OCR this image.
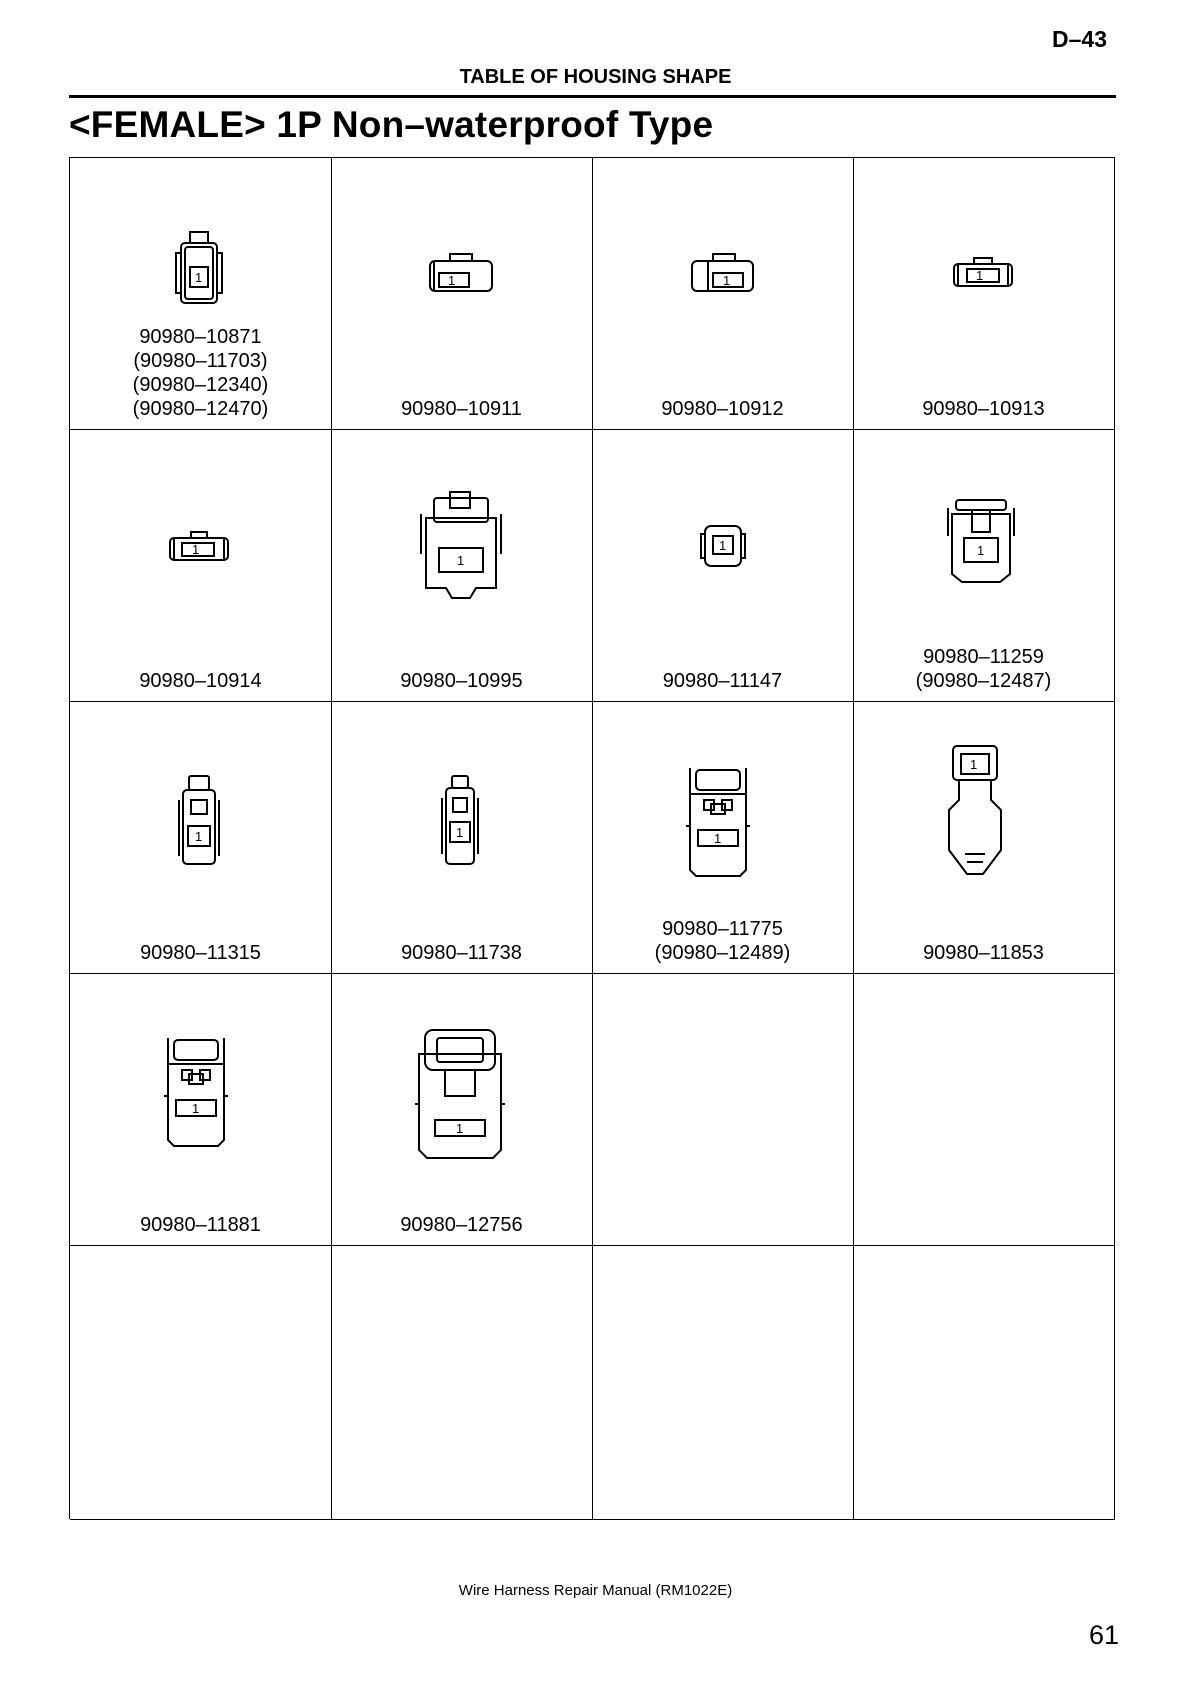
D–43
TABLE OF HOUSING SHAPE
<FEMALE> 1P Non–waterproof Type
1
90980–10871
(90980–11703)
(90980–12340)
(90980–12470)
1
90980–10911
1
90980–10912
1
90980–10913
1
90980–10914
1
90980–10995
1
90980–11147
1
90980–11259
(90980–12487)
1
90980–11315
1
90980–11738
1
90980–11775
(90980–12489)
1
90980–11853
1
90980–11881
1
90980–12756
Wire Harness Repair Manual (RM1022E)
61
